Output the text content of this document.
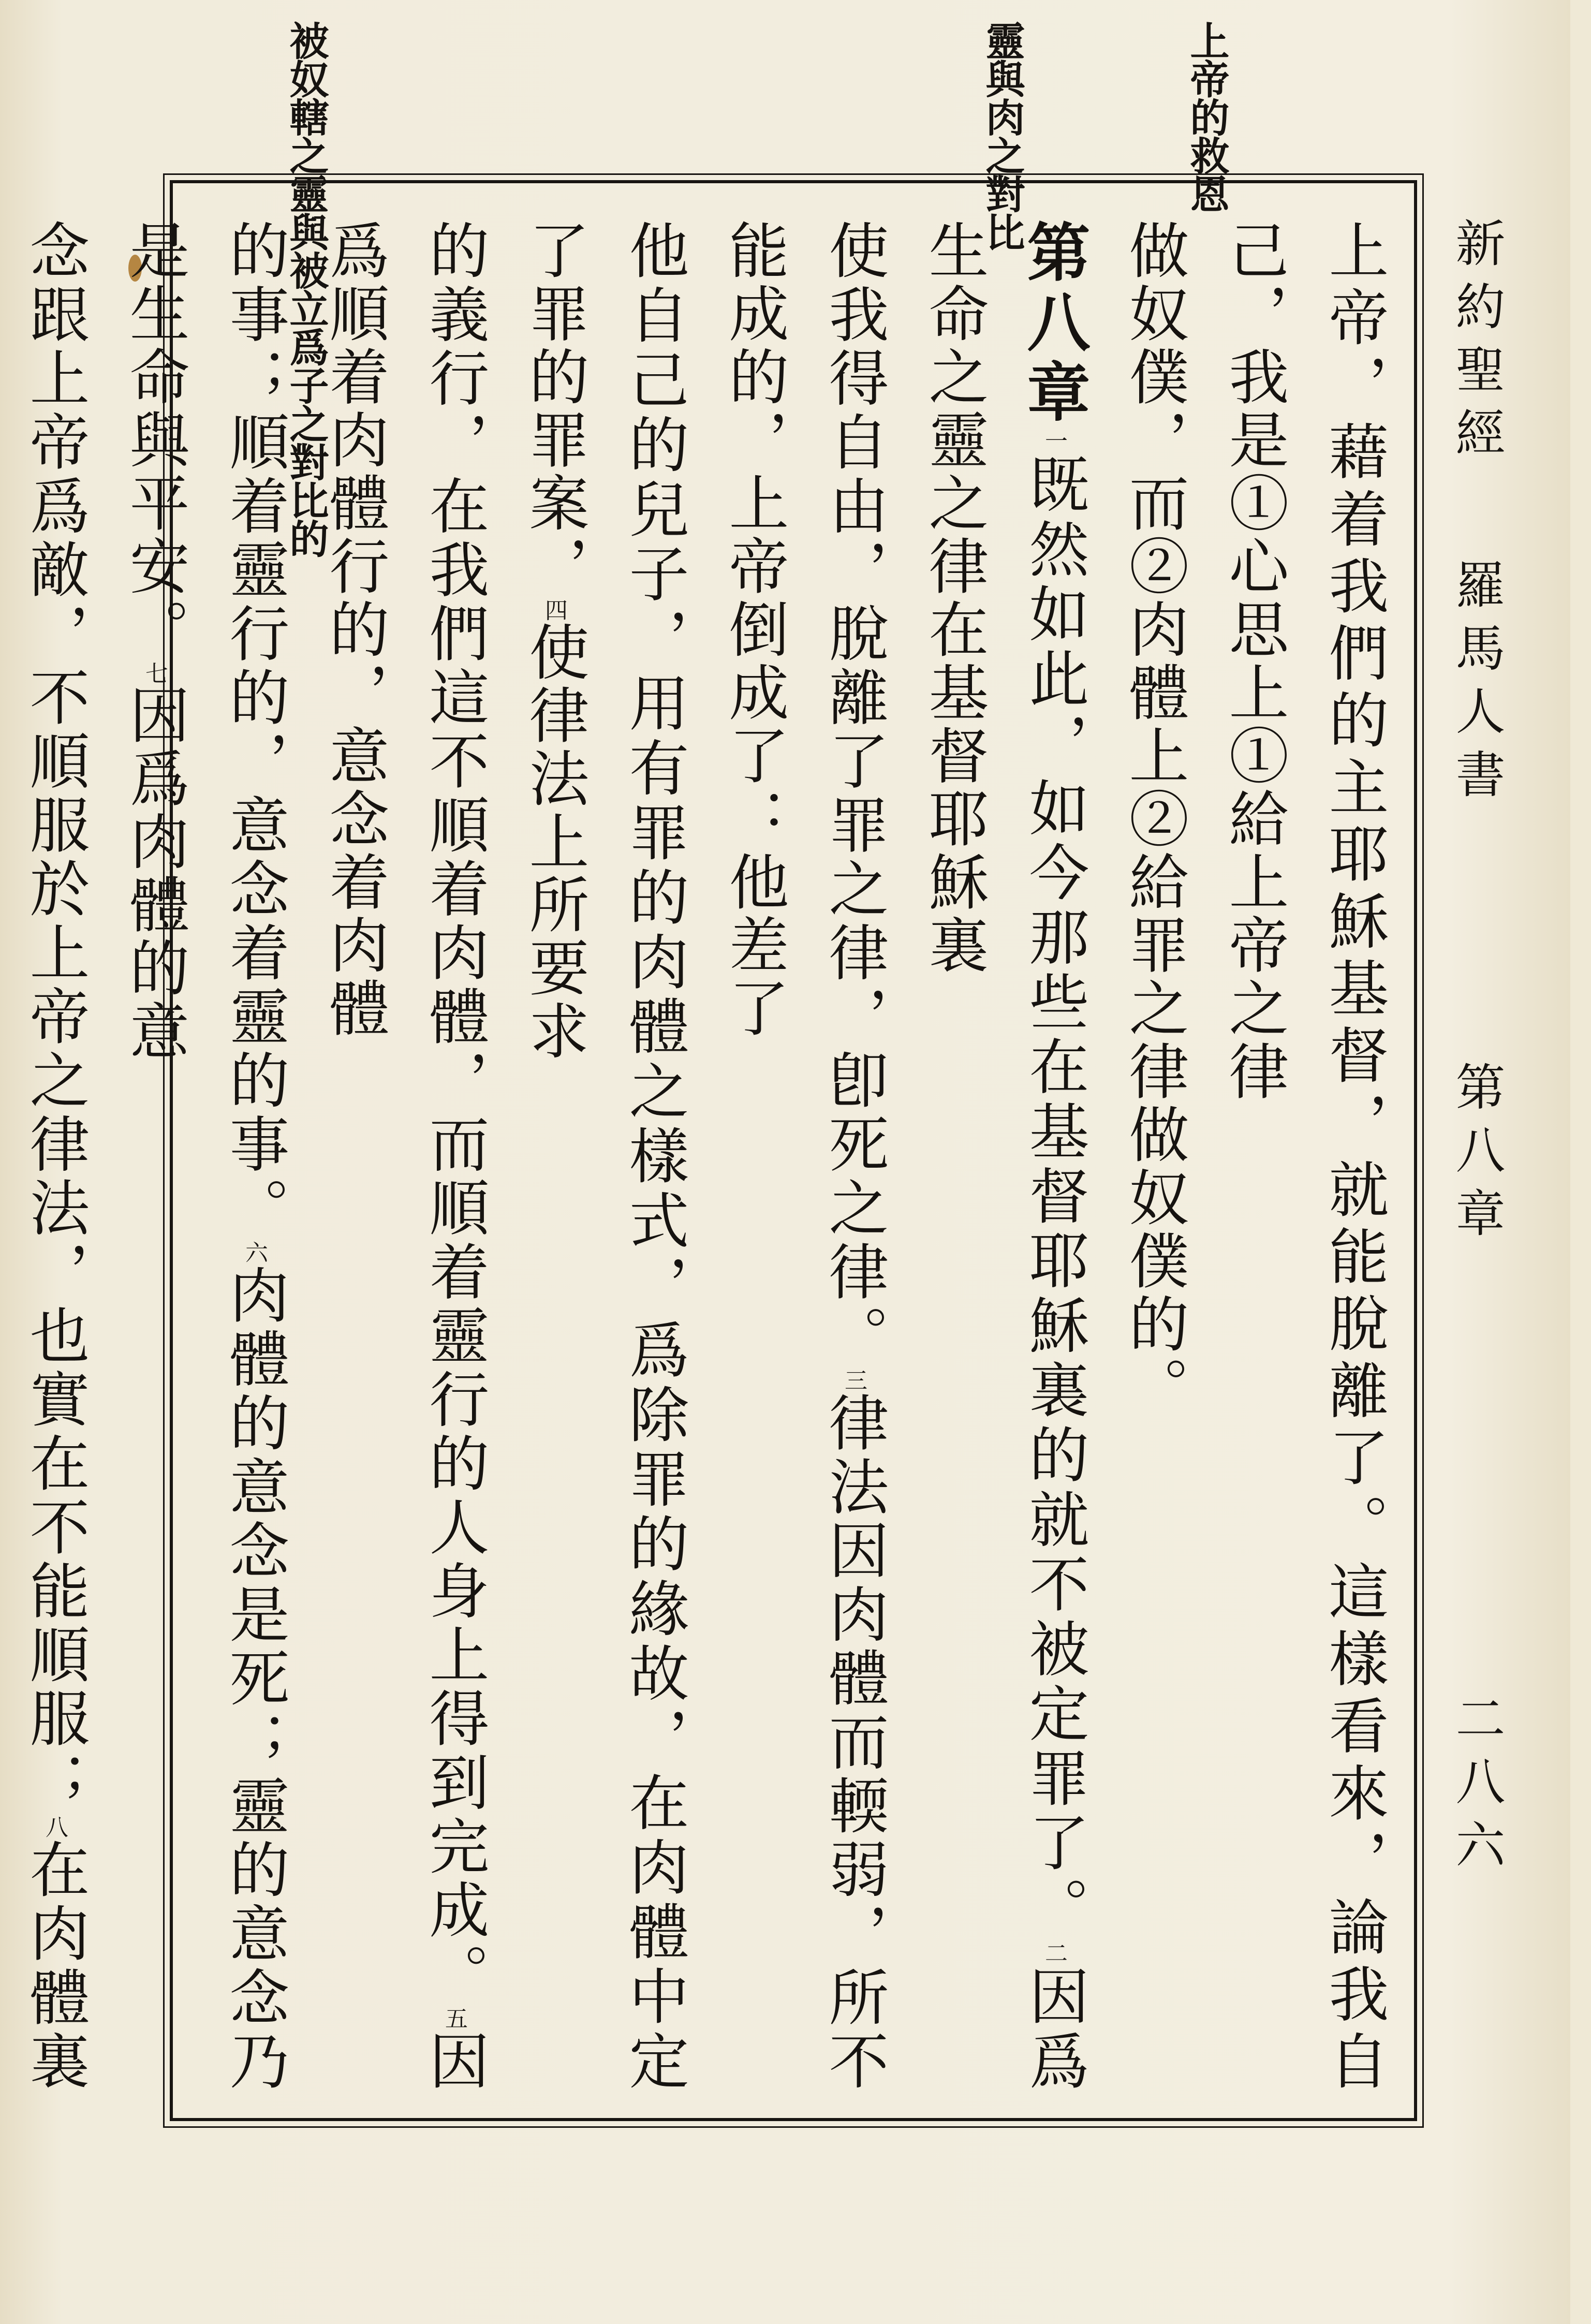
上帝的救恩
靈與肉之對比
被奴轄之靈與被立爲子之對比的	新約聖經
羅馬人書
第八章
二八六
上帝，藉着我們的主耶穌基督，就能脫離了。這樣看來，論我自己，我是①心思上①給上帝之律
做奴僕，而②肉體上②給罪之律做奴僕的。
第八章$^一$既然如此，如今那些在基督耶穌裏的就不被定罪了。$^二$因爲生命之靈之律在基督耶穌裏
使我得自由，脫離了罪之律，卽死之律。$^三$律法因肉體而輭弱，所不能成的，上帝倒成了：他差了
他自己的兒子，用有罪的肉體之樣式，爲除罪的緣故，在肉體中定了罪的罪案，$^四$使律法上所要求
的義行，在我們這不順着肉體，而順着靈行的人身上得到完成。$^五$因爲順着肉體行的，意念着肉體
的事；順着靈行的，意念着靈的事。$^六$肉體的意念是死；靈的意念乃是生命與平安。$^七$因爲肉體的意
念跟上帝爲敵，不順服於上帝之律法，也實在不能順服；$^八$在肉體裏
